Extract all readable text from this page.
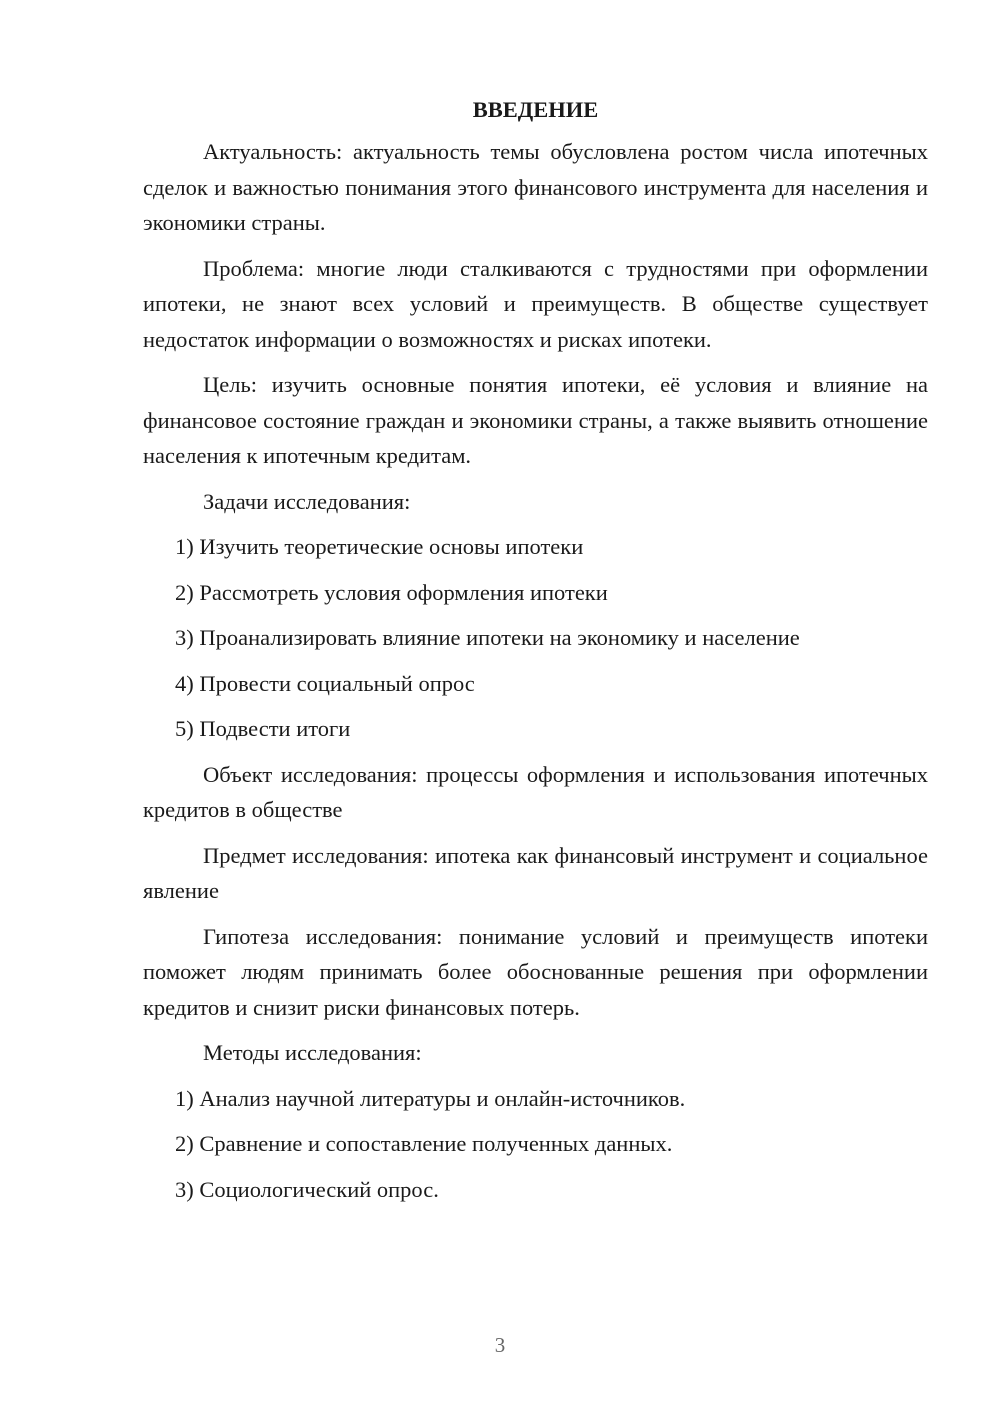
ВВЕДЕНИЕ

Актуальность: актуальность темы обусловлена ростом числа ипотечных сделок и важностью понимания этого финансового инструмента для населения и экономики страны.

Проблема: многие люди сталкиваются с трудностями при оформлении ипотеки, не знают всех условий и преимуществ. В обществе существует недостаток информации о возможностях и рисках ипотеки.

Цель: изучить основные понятия ипотеки, её условия и влияние на финансовое состояние граждан и экономики страны, а также выявить отношение населения к ипотечным кредитам.

Задачи исследования:

1) Изучить теоретические основы ипотеки
2) Рассмотреть условия оформления ипотеки
3) Проанализировать влияние ипотеки на экономику и население
4) Провести социальный опрос
5) Подвести итоги

Объект исследования: процессы оформления и использования ипотечных кредитов в обществе

Предмет исследования: ипотека как финансовый инструмент и социальное явление

Гипотеза исследования: понимание условий и преимуществ ипотеки поможет людям принимать более обоснованные решения при оформлении кредитов и снизит риски финансовых потерь.

Методы исследования:

1) Анализ научной литературы и онлайн-источников.
2) Сравнение и сопоставление полученных данных.
3) Социологический опрос.
3
